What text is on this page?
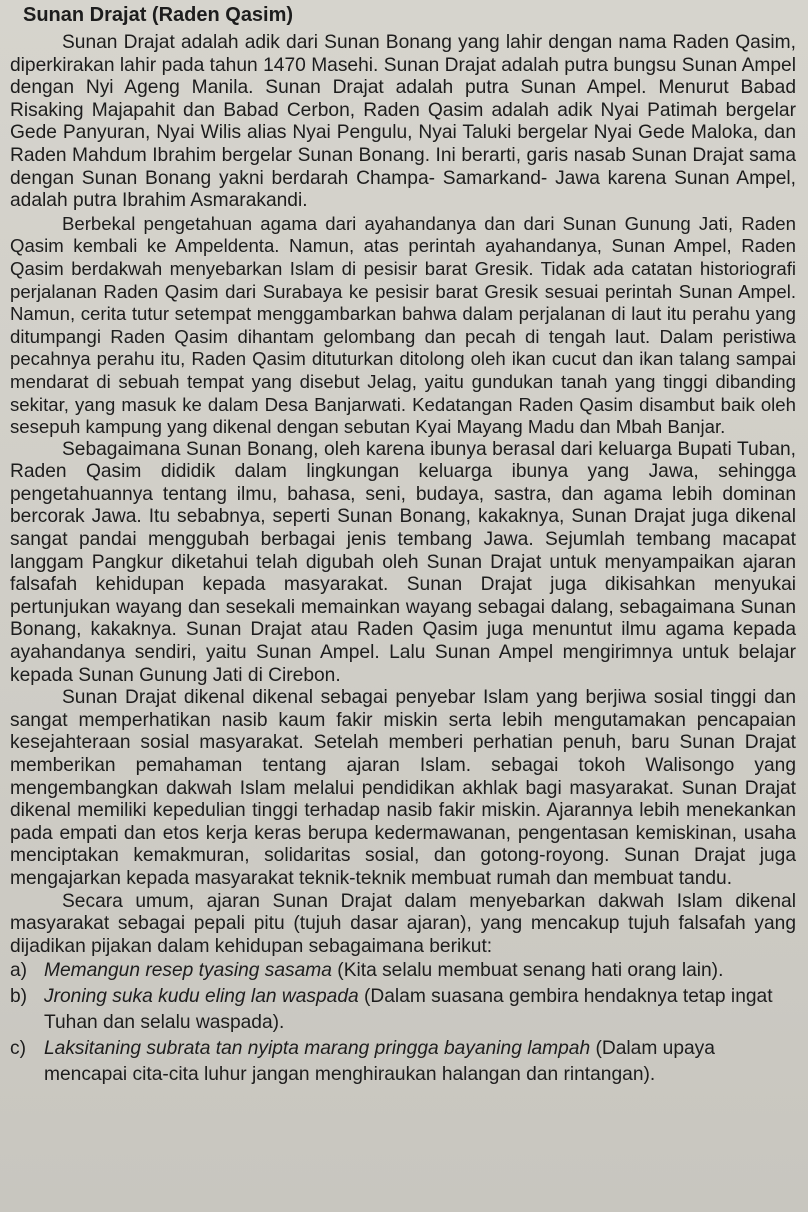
Sunan Drajat (Raden Qasim)

Sunan Drajat adalah adik dari Sunan Bonang yang lahir dengan nama Raden Qasim, diperkirakan lahir pada tahun 1470 Masehi. Sunan Drajat adalah putra bungsu Sunan Ampel dengan Nyi Ageng Manila. Sunan Drajat adalah putra Sunan Ampel. Menurut Babad Risaking Majapahit dan Babad Cerbon, Raden Qasim adalah adik Nyai Patimah bergelar Gede Panyuran, Nyai Wilis alias Nyai Pengulu, Nyai Taluki bergelar Nyai Gede Maloka, dan Raden Mahdum Ibrahim bergelar Sunan Bonang. Ini berarti, garis nasab Sunan Drajat sama dengan Sunan Bonang yakni berdarah Champa- Samarkand- Jawa karena Sunan Ampel, adalah putra Ibrahim Asmarakandi.

Berbekal pengetahuan agama dari ayahandanya dan dari Sunan Gunung Jati, Raden Qasim kembali ke Ampeldenta. Namun, atas perintah ayahandanya, Sunan Ampel, Raden Qasim berdakwah menyebarkan Islam di pesisir barat Gresik. Tidak ada catatan historiografi perjalanan Raden Qasim dari Surabaya ke pesisir barat Gresik sesuai perintah Sunan Ampel. Namun, cerita tutur setempat menggambarkan bahwa dalam perjalanan di laut itu perahu yang ditumpangi Raden Qasim dihantam gelombang dan pecah di tengah laut. Dalam peristiwa pecahnya perahu itu, Raden Qasim dituturkan ditolong oleh ikan cucut dan ikan talang sampai mendarat di sebuah tempat yang disebut Jelag, yaitu gundukan tanah yang tinggi dibanding sekitar, yang masuk ke dalam Desa Banjarwati. Kedatangan Raden Qasim disambut baik oleh sesepuh kampung yang dikenal dengan sebutan Kyai Mayang Madu dan Mbah Banjar.

Sebagaimana Sunan Bonang, oleh karena ibunya berasal dari keluarga Bupati Tuban, Raden Qasim dididik dalam lingkungan keluarga ibunya yang Jawa, sehingga pengetahuannya tentang ilmu, bahasa, seni, budaya, sastra, dan agama lebih dominan bercorak Jawa. Itu sebabnya, seperti Sunan Bonang, kakaknya, Sunan Drajat juga dikenal sangat pandai menggubah berbagai jenis tembang Jawa. Sejumlah tembang macapat langgam Pangkur diketahui telah digubah oleh Sunan Drajat untuk menyampaikan ajaran falsafah kehidupan kepada masyarakat. Sunan Drajat juga dikisahkan menyukai pertunjukan wayang dan sesekali memainkan wayang sebagai dalang, sebagaimana Sunan Bonang, kakaknya. Sunan Drajat atau Raden Qasim juga menuntut ilmu agama kepada ayahandanya sendiri, yaitu Sunan Ampel. Lalu Sunan Ampel mengirimnya untuk belajar kepada Sunan Gunung Jati di Cirebon.

Sunan Drajat dikenal dikenal sebagai penyebar Islam yang berjiwa sosial tinggi dan sangat memperhatikan nasib kaum fakir miskin serta lebih mengutamakan pencapaian kesejahteraan sosial masyarakat. Setelah memberi perhatian penuh, baru Sunan Drajat memberikan pemahaman tentang ajaran Islam. sebagai tokoh Walisongo yang mengembangkan dakwah Islam melalui pendidikan akhlak bagi masyarakat. Sunan Drajat dikenal memiliki kepedulian tinggi terhadap nasib fakir miskin. Ajarannya lebih menekankan pada empati dan etos kerja keras berupa kedermawanan, pengentasan kemiskinan, usaha menciptakan kemakmuran, solidaritas sosial, dan gotong-royong. Sunan Drajat juga mengajarkan kepada masyarakat teknik-teknik membuat rumah dan membuat tandu.

Secara umum, ajaran Sunan Drajat dalam menyebarkan dakwah Islam dikenal masyarakat sebagai pepali pitu (tujuh dasar ajaran), yang mencakup tujuh falsafah yang dijadikan pijakan dalam kehidupan sebagaimana berikut:

a) Memangun resep tyasing sasama (Kita selalu membuat senang hati orang lain).
b) Jroning suka kudu eling lan waspada (Dalam suasana gembira hendaknya tetap ingat Tuhan dan selalu waspada).
c) Laksitaning subrata tan nyipta marang pringga bayaning lampah (Dalam upaya mencapai cita-cita luhur jangan menghiraukan halangan dan rintangan).
